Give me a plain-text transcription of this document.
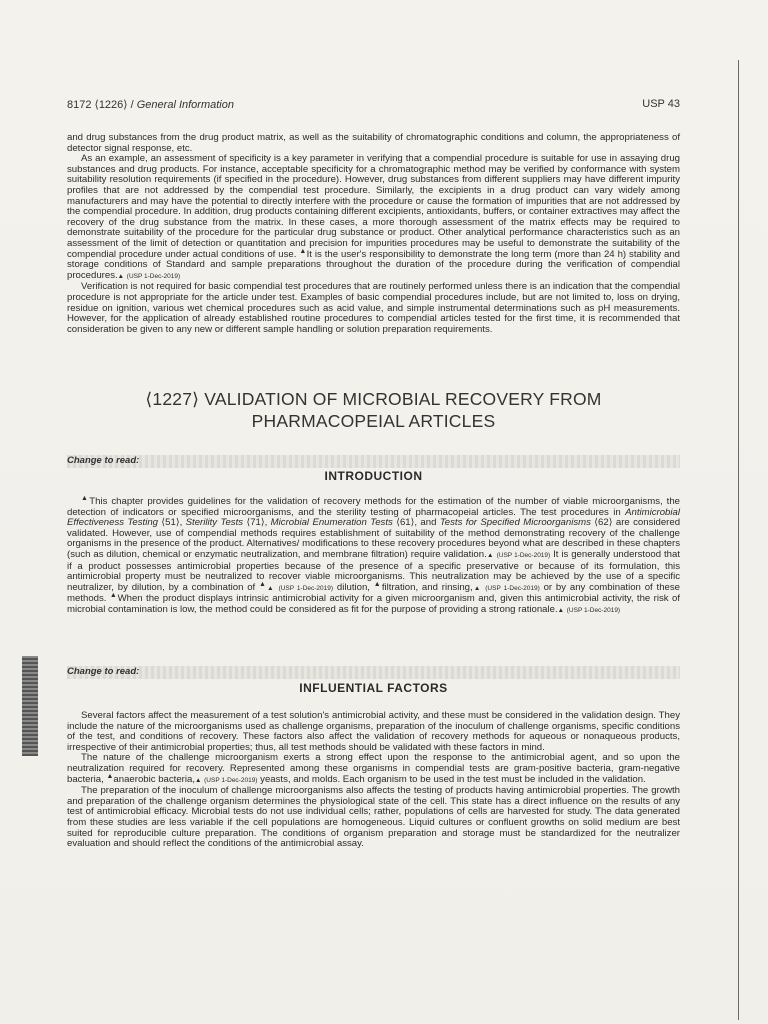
8172 ⟨1226⟩ / General Information	USP 43

and drug substances from the drug product matrix, as well as the suitability of chromatographic conditions and column, the appropriateness of detector signal response, etc.

As an example, an assessment of specificity is a key parameter in verifying that a compendial procedure is suitable for use in assaying drug substances and drug products. For instance, acceptable specificity for a chromatographic method may be verified by conformance with system suitability resolution requirements (if specified in the procedure). However, drug substances from different suppliers may have different impurity profiles that are not addressed by the compendial test procedure. Similarly, the excipients in a drug product can vary widely among manufacturers and may have the potential to directly interfere with the procedure or cause the formation of impurities that are not addressed by the compendial procedure. In addition, drug products containing different excipients, antioxidants, buffers, or container extractives may affect the recovery of the drug substance from the matrix. In these cases, a more thorough assessment of the matrix effects may be required to demonstrate suitability of the procedure for the particular drug substance or product. Other analytical performance characteristics such as an assessment of the limit of detection or quantitation and precision for impurities procedures may be useful to demonstrate the suitability of the compendial procedure under actual conditions of use. ▲It is the user's responsibility to demonstrate the long term (more than 24 h) stability and storage conditions of Standard and sample preparations throughout the duration of the procedure during the verification of compendial procedures.▲ (USP 1-Dec-2019)

Verification is not required for basic compendial test procedures that are routinely performed unless there is an indication that the compendial procedure is not appropriate for the article under test. Examples of basic compendial procedures include, but are not limited to, loss on drying, residue on ignition, various wet chemical procedures such as acid value, and simple instrumental determinations such as pH measurements. However, for the application of already established routine procedures to compendial articles tested for the first time, it is recommended that consideration be given to any new or different sample handling or solution preparation requirements.

⟨1227⟩ VALIDATION OF MICROBIAL RECOVERY FROM
PHARMACOPEIAL ARTICLES
Change to read:
INTRODUCTION

▲This chapter provides guidelines for the validation of recovery methods for the estimation of the number of viable microorganisms, the detection of indicators or specified microorganisms, and the sterility testing of pharmacopeial articles. The test procedures in Antimicrobial Effectiveness Testing ⟨51⟩, Sterility Tests ⟨71⟩, Microbial Enumeration Tests ⟨61⟩, and Tests for Specified Microorganisms ⟨62⟩ are considered validated. However, use of compendial methods requires establishment of suitability of the method demonstrating recovery of the challenge organisms in the presence of the product. Alternatives/ modifications to these recovery procedures beyond what are described in these chapters (such as dilution, chemical or enzymatic neutralization, and membrane filtration) require validation.▲ (USP 1-Dec-2019) It is generally understood that if a product possesses antimicrobial properties because of the presence of a specific preservative or because of its formulation, this antimicrobial property must be neutralized to recover viable microorganisms. This neutralization may be achieved by the use of a specific neutralizer, by dilution, by a combination of ▲▲ (USP 1-Dec-2019) dilution, ▲filtration, and rinsing,▲ (USP 1-Dec-2019) or by any combination of these methods. ▲When the product displays intrinsic antimicrobial activity for a given microorganism and, given this antimicrobial activity, the risk of microbial contamination is low, the method could be considered as fit for the purpose of providing a strong rationale.▲ (USP 1-Dec-2019)

Change to read:
INFLUENTIAL FACTORS

Several factors affect the measurement of a test solution's antimicrobial activity, and these must be considered in the validation design. They include the nature of the microorganisms used as challenge organisms, preparation of the inoculum of challenge organisms, specific conditions of the test, and conditions of recovery. These factors also affect the validation of recovery methods for aqueous or nonaqueous products, irrespective of their antimicrobial properties; thus, all test methods should be validated with these factors in mind.

The nature of the challenge microorganism exerts a strong effect upon the response to the antimicrobial agent, and so upon the neutralization required for recovery. Represented among these organisms in compendial tests are gram-positive bacteria, gram-negative bacteria, ▲anaerobic bacteria,▲ (USP 1-Dec-2019) yeasts, and molds. Each organism to be used in the test must be included in the validation.

The preparation of the inoculum of challenge microorganisms also affects the testing of products having antimicrobial properties. The growth and preparation of the challenge organism determines the physiological state of the cell. This state has a direct influence on the results of any test of antimicrobial efficacy. Microbial tests do not use individual cells; rather, populations of cells are harvested for study. The data generated from these studies are less variable if the cell populations are homogeneous. Liquid cultures or confluent growths on solid medium are best suited for reproducible culture preparation. The conditions of organism preparation and storage must be standardized for the neutralizer evaluation and should reflect the conditions of the antimicrobial assay.
